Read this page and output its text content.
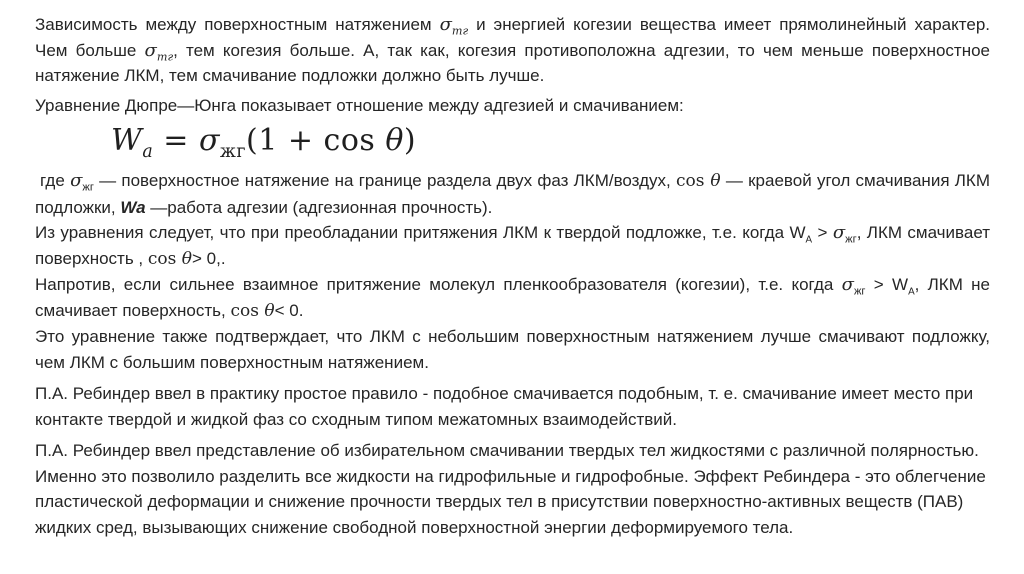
Зависимость между поверхностным натяжением $\sigma_{тг}$ и энергией когезии вещества имеет прямолинейный характер. Чем больше $\sigma_{тг}$, тем когезия больше. А, так как, когезия противоположна адгезии, то чем меньше поверхностное натяжение ЛКМ, тем смачивание подложки должно быть лучше.

Уравнение Дюпре—Юнга показывает отношение между адгезией и смачиванием:

$W_a = \sigma_{жг}(1 + \cos \theta)$

где $\sigma_{жг}$ — поверхностное натяжение на границе раздела двух фаз ЛКМ/воздух, cos θ — краевой угол смачивания ЛКМ подложки, Wa —работа адгезии (адгезионная прочность).

Из уравнения следует, что при преобладании притяжения ЛКМ к твердой подложке, т.е. когда $W_A > \sigma_{жг}$, ЛКМ смачивает поверхность , cos θ> 0,.

Напротив, если сильнее взаимное притяжение молекул пленкообразователя (когезии), т.е. когда $\sigma_{жг} > W_A$, ЛКМ не смачивает поверхность, cos θ< 0.

Это уравнение также подтверждает, что ЛКМ с небольшим поверхностным натяжением лучше смачивают подложку, чем ЛКМ с большим поверхностным натяжением.

П.А. Ребиндер ввел в практику простое правило - подобное смачивается подобным, т. е. смачивание имеет место при контакте твердой и жидкой фаз со сходным типом межатомных взаимодействий.

П.А. Ребиндер ввел представление об избирательном смачивании твердых тел жидкостями с различной полярностью. Именно это позволило разделить все жидкости на гидрофильные и гидрофобные. Эффект Ребиндера - это облегчение пластической деформации и снижение прочности твердых тел в присутствии поверхностно-активных веществ (ПАВ) жидких сред, вызывающих снижение свободной поверхностной энергии деформируемого тела.
